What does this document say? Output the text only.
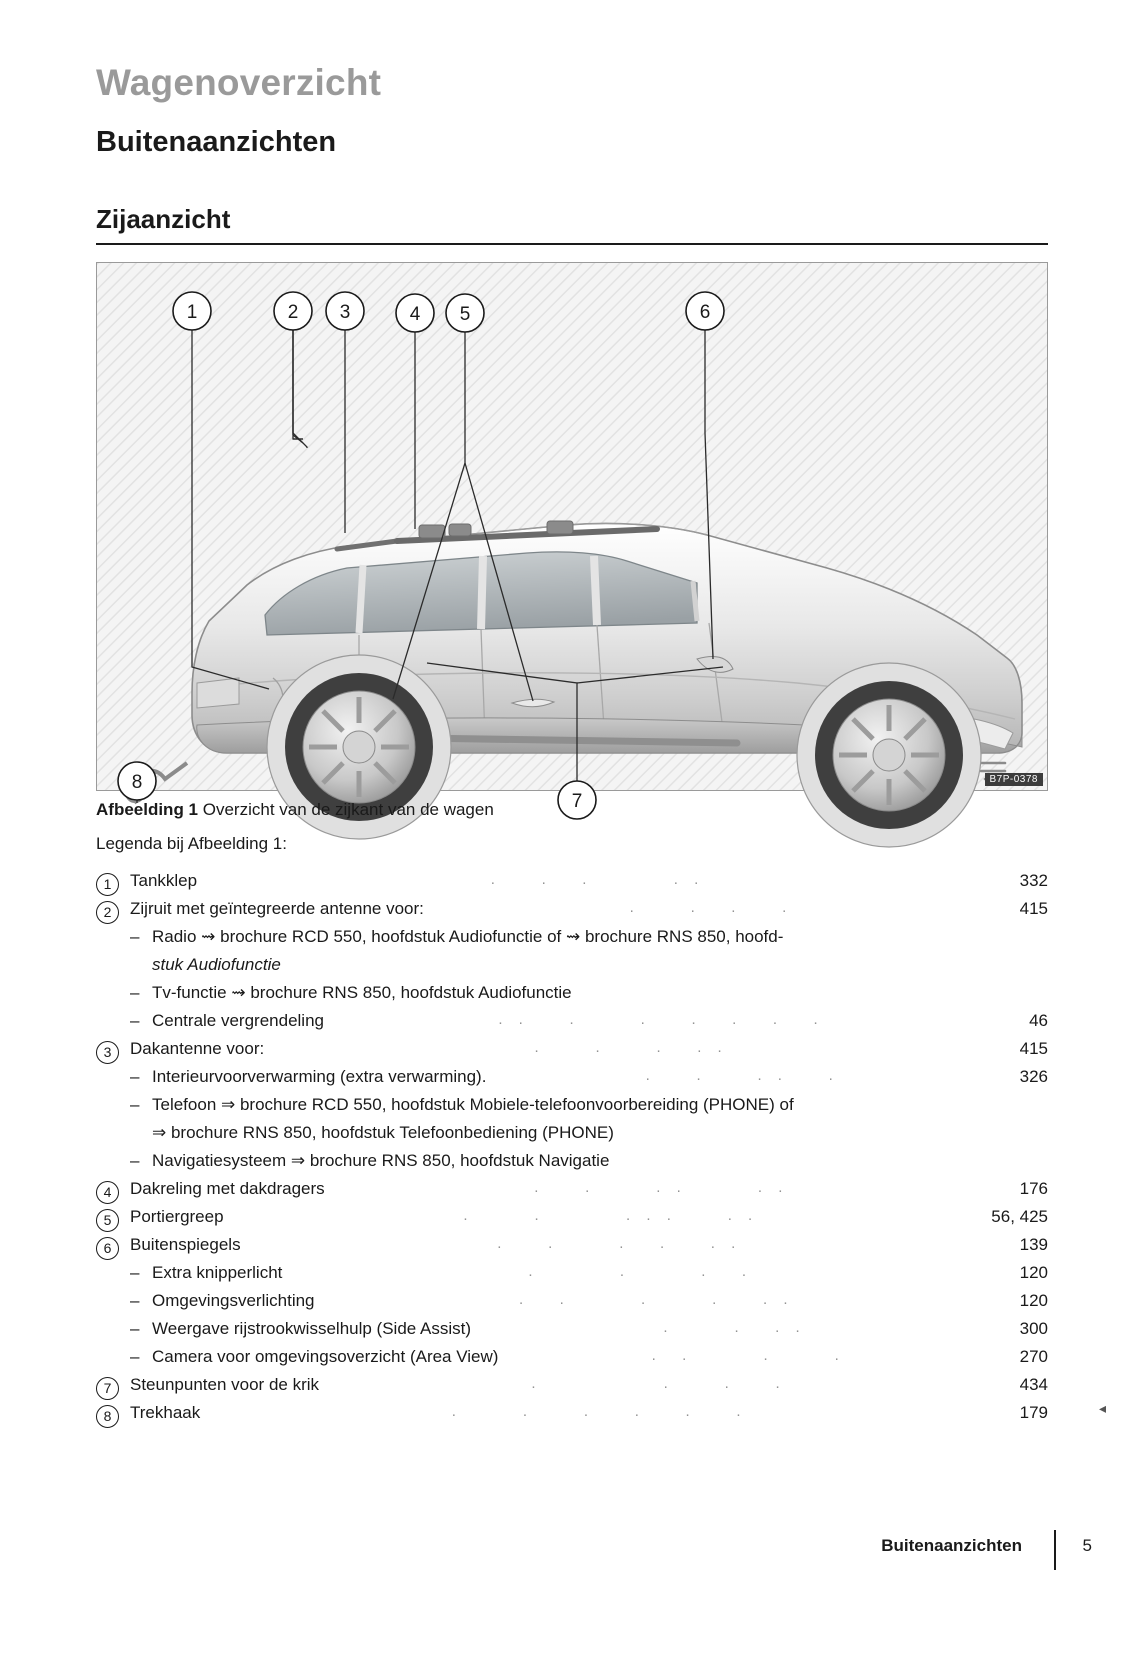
Wagenoverzicht
Buitenaanzichten
Zijaanzicht
1	2 3	4 5	6
7
8	B7P-0378
Afbeelding 1 Overzicht van de zijkant van de wagen
Legenda bij Afbeelding 1:
1	Tankklep	.    .   .        . .	332
2	Zijruit met geïntegreerde antenne voor:	.     .   .    .	415
– Radio ⇝ brochure RCD 550, hoofdstuk Audiofunctie of ⇝ brochure RNS 850, hoofd-
stuk Audiofunctie
– Tv-functie ⇝ brochure RNS 850, hoofdstuk Audiofunctie
– Centrale vergrendeling	. .    .      .    .   .   .   .	46
3	Dakantenne voor:	.     .     .   . .	415
– Interieurvoorverwarming (extra verwarming).	.    .     . .    .	326
– Telefoon ⇒ brochure RCD 550, hoofdstuk Mobiele-telefoonvoorbereiding (PHONE) of
⇒ brochure RNS 850, hoofdstuk Telefoonbediening (PHONE)
– Navigatiesysteem ⇒ brochure RNS 850, hoofdstuk Navigatie
4	Dakreling met dakdragers	.    .      . .       . .	176
5	Portiergreep	.      .        . . .     . .	56, 425
6	Buitenspiegels	.    .      .   .    . .	139
– Extra knipperlicht	.        .       .   .	120
– Omgevingsverlichting	.   .       .      .    . .	120
– Weergave rijstrookwisselhulp (Side Assist)	.      .   . .	300
– Camera voor omgevingsoverzicht (Area View)	.  .       .      .	270
7	Steunpunten voor de krik	.            .     .    .	434
8	Trekhaak	.      .     .    .    .    .	179	◂
Buitenaanzichten	5
